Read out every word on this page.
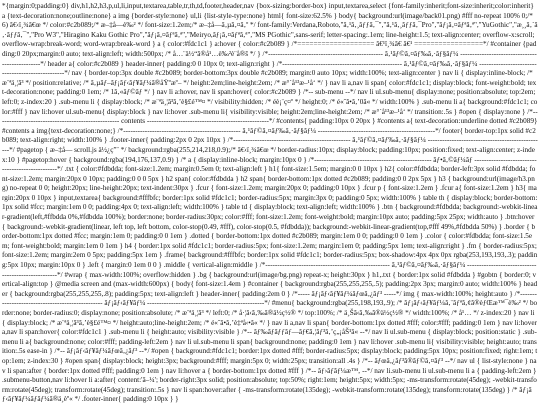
*{margin:0;padding:0} div,h1,h2,h3,p,ul,li,input,textarea,table,tr,th,td,footer,header,nav {box-sizing:border-box} input,textarea,select {font-family:inherit;font-size:inherit;color:inherit} a {text-decoration:none;outline:none} a img {border-style:none} ul,li {list-style-type:none} html{ font-size:62.5% } body{ background:url(image/back01.png) #fff no-repeat 100% 0;/* 6) â€‹ï¸¾â€œ */ color:#c2b089;/* æ–‡å—è‰² */ font-size:1.2em;/* æ–‡å—ã‚µã‚¤ã‚º */ font-family:Verdana,Roboto,"ã‚¹ã‚¸ãƒƒã‚¯","ã‚¹ã‚¸ãƒƒã‚¯Pro","ãƒ¡ã‚¤ãƒªã‚ª","YuGothic","æ¸¸ã‚´ã‚·ãƒƒã‚¯","Pro W3","Hiragino Kaku Gothic Pro","ãƒ¡ã‚¤ãƒªã‚ª","Meiryo,ãƒ¡ã‚¤ãƒªã‚ª","MS PGothic",sans-serif; letter-spacing:.1em; line-height:1.5; text-align:center; overflow-x:scroll; overflow-wrap:break-word; word-wrap:break-word } a { color:#fdc1c1 } a:hover { color:#c2b089 } /*=================== â€¹ï¸¾â€ â€¹ =================*/ #container {padding:0 20px;margin:0 auto; text-align:left; width:500px; /* å…¨ä½“ã®å¹…è‰²è¨å®š */ } /*------------------------------------------------ ã‚¹ãƒ©ã‚¤ãƒ‰ã‚·ãƒ§ãƒ¼ ------------------------------------------------*/ header a{ color:#c2b089 } header-inner{ padding:0 0 10px 0; text-align:right } /*-------------------------------------------------- ã‚¹ãƒ©ã‚¤ãƒ‰ã‚·ãƒ§ãƒ¼ --------------------------------------------------*/ nav { border-top:3px double #c2b089; border-bottom:3px double #c2b089; margin:0 auto 10px; width:100%; text-align:center } nav li { display:inline-block; /* æ¨ªä¸¦ã³ */ position:relative; /* ã‚µãƒ–ãƒ¡ãƒ‹ãƒ¥ãƒ¼ã®åŸºæº– */ height:2em;line-height:2em; /* æ°´å¹³æ–¹å‘ */ } nav li a,nav li span{ color:#fdc1c1; display:block; font-weight:bold; text-decoration:none; padding:0 1em; /* 1ã‚«ãƒ©ãƒ */ } nav li a:hover, nav li span:hover{ color:#c2b089 } /*-- sub-menu --*/ nav li ul.sub-menu{ display:none; position:absolute; top:2em; left:0; z-index:20 } .sub-menu li { display:block; /* æ¨ªä¸¦ã³ã‚’è§£é™¤ */ visibility:hidden; /* éè¡¨ç¤º */ height:0; /* é«˜ã•ã‚’0ã« */ width:100% } .sub-menu li a{ background:#fdc1c1; color:#fff } nav li:hover ul.sub-menu{ display:block } nav li:hover .sub-menu li{ visibility:visible; height:2em;line-height:2em; /* æ°´å¹³æ–¹å‘ */ transition:.5s } #open { display:none } /*--------------------------------------------------- contents ---------------------------------------------------*/ #contents{ padding:10px 0 20px } #contents a{ text-decoration:underline dotted #c2b089} #contents a img{text-decoration:none;} /*------------------------------------------------- ã‚¹ãƒ©ã‚¤ãƒ‰ã‚·ãƒ§ãƒ¼ -------------------------------------------------*/ footer{ border-top:1px solid #c2b089; text-align:right; width:100% } .footer-inner{ padding:2px 0 2px 10px } /*------------------------------------------------- ã‚¹ãƒ©ã‚¤ãƒ‰ã‚·ãƒ§ãƒ¼ -------------------------------------------------*/ #pagetop { æ–‡å— scroll.js ä½¿ç”¨ */ background:rgba(255,214,218,0.9);/* â€‹ï¸¾â€œ */ border-radius:10px; display:block; padding:10px; position:fixed; text-align:center; z-index:10 } #pagetop:hover { background:rgba(194,176,137,0.9) } /* a { display:inline-block; margin:10px 0 } /*------------------------------------------------- ãƒ•ã‚©ãƒ¼ãƒ -------------------------------------------------*/ .txt { color:#fdbdda; font-size:1.2em; margin:0.5em 0; text-align:left } h1{ font-size:1.5em; margin:0 0 10px } h2{ color:#fdbdda; border-left:3px solid #fdbdda; font-size:1.2em; margin:20px 0 10px; padding:0 0 0 5px } h2 span{ color:#fdbdda } h2 span{ border-bottom:1px dotted #c2b089; padding:0 0 2px 5px } h3 { background:url(image/h3.png) no-repeat 0 0; height:20px; line-height:20px; text-indent:30px } .fcur { font-size:1.2em; margin:20px 0; padding:0 10px } .fcur p { font-size:1.2em } .fcur a{ font-size:1.2em } h3{ margin:20px 0 10px } input,textarea{ background:#fffbfc; border:1px solid #fdc1c1; border-radius:5px; margin:3px 0; padding:0 5px; width:100% } table th { display:block; border-bottom:1px solid #fcc; margin:1em 0 0; padding:4px 0; text-align:left; width:100% } table td { display:block; text-align:left; width:100% } .btn { background:#fdbdda; background:-webkit-linear-gradient(left,#ffbdda 0%,#fdbdda 100%); border:none; border-radius:30px; color:#fff; font-size:1.2em; font-weight:bold; margin:10px auto; padding:5px 25px; width:auto } .btn:hover { background:-webkit-gradient(linear, left top, left bottom, color-stop(0.49, #fff), color-stop(0.5, #fdbdda)); background:-webkit-linear-gradient(top,#fff 49%,#fdbdda 50%) } .border { border-bottom:1px dotted #fcc; margin:1em 0; padding:0 0 1em } .dotted { border-bottom:1px dotted #c2b089; margin:1em 0 0; padding:0 0 1em } .color { color:#fdbdda; font-size:1.5em; font-weight:bold; margin:1em 0 1em } h4 { border:1px solid #fdc1c1; border-radius:5px; font-size:1.2em; margin:1em 0; padding:5px 1em; text-align:right } .fm { border-radius:5px; font-size:1.2em; margin:2em 0 5px; padding:5px 1em } .frame{ background:#fffbfc; border:1px solid #fdc1c1; border-radius:5px; box-shadow:4px 4px 0px rgba(253,193,193,.3); padding:5px 10px; margin:10px 0 } .left { margin:0 1em 0 0 } .middle { vertical-align:middle } /*---------------------------------------------------- ã‚¹ãƒ©ã‚¤ãƒ‰ã‚·ãƒ§ãƒ¼ ----------------------------------------------------*/ #wrap { max-width:100%; overflow:hidden } .bg { background:url(image/bg.png) repeat-x; height:30px } h1,.txt { border:1px solid #fdbdda } #gobtn { border:0; vertical-align:top } @media screen and (max-width:600px) { body{ font-size:1.4em } #container { background:rgba(255,255,255,.5); padding:2px 3px; margin:0 auto; width:100% } header { background:rgba(255,255,255,.8); padding:5px; text-align:left } header-inner{ padding:2em 0 } /*----- ãƒ¡ãƒ‹ãƒ¥ãƒ¼ãƒœã‚¿ãƒ³ -----*/ img { max-width:100%; height:auto } /*------------------------------------------------- ãƒ¡ãƒ‹ãƒ¥ãƒ¼ -------------------------------------------------*/ #menu{ background:rgba(255,198,193,.9); /* ãƒ¡ãƒ‹ãƒ¥ãƒ¼ã‚¨ãƒªã‚¢ã®èƒŒæ™¯è‰² */ border:none; border-radius:0; display:none; position:absolute; /* æ¨ªä¸¦ã³ */ left:0; /* å·¦ã‹ã‚‰ã®ä½ç½® */ top:100%; /* ä¸Šã‹ã‚‰ã®ä½ç½® */ width:100%; /* å¹… */ z-index:20 } nav li { display:block; /* æ¨ªä¸¦ã³ã‚’è§£é™¤ */ height:auto;line-height:2em; /* é«˜ã•ã‚’è‡ªå‹•ã« */ } nav li a,nav li span{ border-bottom:1px dotted #fff; color:#fff; padding:0 1em } nav li:hover a,nav li span:hover{ color:#fdc1c1 } .sub-menu li { height:auto; visibility:visible } /*-- ãƒ‰ãƒãƒƒãƒ—ãƒ€ã‚¦ãƒ³ã‚’ç„¡åŠ¹ã« --*/ nav li ul.sub-menu { display:block; position:static } .sub-menu li a{ background:none; color:#fff; padding-left:2em } nav li ul.sub-menu li span{ background:none; padding:0 1em } nav li:hover .sub-menu li{ visibility:visible; height:auto; transition:.5s ease-in } /*-- ãƒ¡ãƒ‹ãƒ¥ãƒ¼ãƒœã‚¿ãƒ³ --*/ #open { background:#fdc1c1; border:1px dotted #fff; border-radius:5px; display:block; padding:5px 10px; position:fixed; right:1em; top:1em; z-index:30 } #open span{ display:block; height:3px; background:#fff; margin:5px 0; width:25px; transition:all .4s } /*-- ãƒœã‚¿ãƒ³ã®ãƒ©ã‚¤ãƒ³ --*/ nav ul { list-style:none } nav li span:after { border:1px dotted #fff; padding:0 1em } nav li:hover a { border-bottom:1px dotted #fff } /*-- ãƒ›ãƒãƒ¼æ™‚ --*/ nav li.sub-menu li ul.sub-menu li a { padding-left:2em } .submenu-button,nav li:hover li a:after{ content:'â–¼'; border-right:3px solid; position:absolute; top:50%; right:1em; height:5px; width:5px; -ms-transform:rotate(45deg); -webkit-transform:rotate(45deg); transform:rotate(45deg); transition:.5s } nav li span:hover:after { -ms-transform:rotate(135deg); -webkit-transform:rotate(135deg); transform:rotate(135deg) } /* ãƒ¡ãƒ‹ãƒ¥ãƒ¼ãƒãƒ¼ã®ä¸èº« */ .footer-inner{ padding:0 10px } }
